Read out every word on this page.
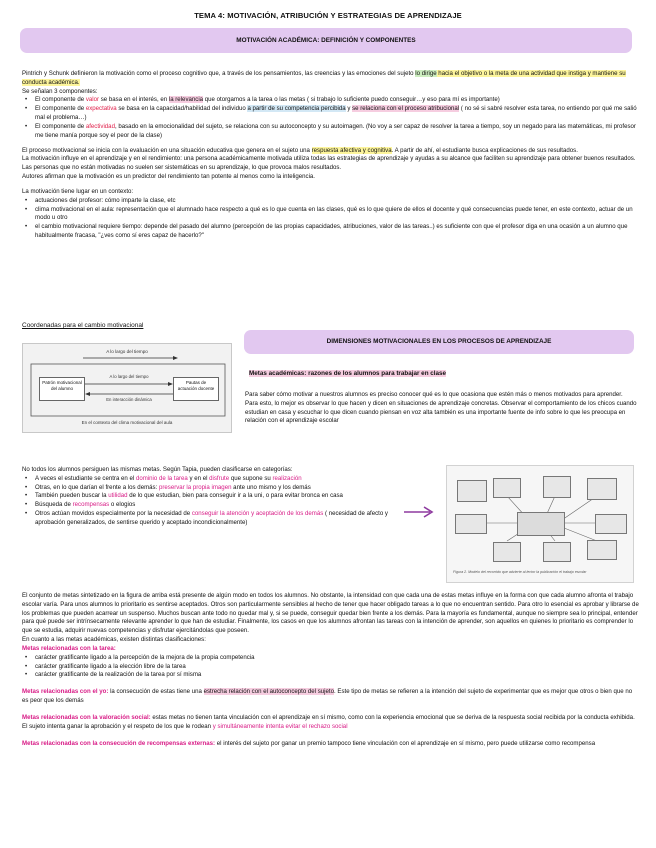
TEMA 4: MOTIVACIÓN, ATRIBUCIÓN Y ESTRATEGIAS DE APRENDIZAJE
MOTIVACIÓN ACADÉMICA: DEFINICIÓN Y COMPONENTES

Pintrich y Schunk definieron la motivación como el proceso cognitivo que, a través de los pensamientos, las creencias y las emociones del sujeto lo dirige hacia el objetivo o la meta de una actividad que instiga y mantiene su conducta académica.
Se señalan 3 componentes:

• El componente de valor se basa en el interés, en la relevancia que otorgamos a la tarea o las metas ( si trabajo lo suficiente puedo conseguir…y eso para mí es importante)
• El componente de expectativa se basa en la capacidad/habilidad del individuo a partir de su competencia percibida y se relaciona con el proceso atribucional ( no sé si sabré resolver esta tarea, no entiendo por qué me salió mal el problema…)
• El componente de afectividad, basado en la emocionalidad del sujeto, se relaciona con su autoconcepto y su autoimagen. (No voy a ser capaz de resolver la tarea a tiempo, soy un negado para las matemáticas, mi profesor me tiene manía porque soy el peor de la clase)

El proceso motivacional se inicia con la evaluación en una situación educativa que genera en el sujeto una respuesta afectiva y cognitiva. A partir de ahí, el estudiante busca explicaciones de sus resultados.
La motivación influye en el aprendizaje y en el rendimiento: una persona académicamente motivada utiliza todas las estrategias de aprendizaje y ayudas a su alcance que faciliten su aprendizaje para obtener buenos resultados.
Las personas que no están motivadas no suelen ser sistemáticas en su aprendizaje, lo que provoca malos resultados.
Autores afirman que la motivación es un predictor del rendimiento tan potente al menos como la inteligencia.

La motivación tiene lugar en un contexto:

• actuaciones del profesor: cómo imparte la clase, etc
• clima motivacional en el aula: representación que el alumnado hace respecto a qué es lo que cuenta en las clases, qué es lo que quiere de ellos el docente y qué consecuencias puede tener, en este contexto, actuar de un modo u otro
• el cambio motivacional requiere tiempo: depende del pasado del alumno (percepción de las propias capacidades, atribuciones, valor de las tareas..) es suficiente con que el profesor diga en una ocasión a un alumno que habitualmente fracasa, "¿ves como sí eres capaz de hacerlo?"
Coordenadas para el cambio motivacional
A lo largo del tiempo
Patrón motivacional del alumno
Pautas de actuación docente
A lo largo del tiempo
En interacción dinámica
En el contexto del clima motivacional del aula
DIMENSIONES MOTIVACIONALES EN LOS PROCESOS DE APRENDIZAJE
Metas académicas: razones de los alumnos para trabajar en clase
Para saber cómo motivar a nuestros alumnos es preciso conocer qué es lo que ocasiona que estén más o menos motivados para aprender. Para esto, lo mejor es observar lo que hacen y dicen en situaciones de aprendizaje concretas. Observar el comportamiento de los chicos cuando estudian en casa y escuchar lo que dicen cuando piensan en voz alta también es una importante fuente de info sobre lo que les preocupa en relación con el aprendizaje escolar

No todos los alumnos persiguen las mismas metas. Según Tapia, pueden clasificarse en categorías:

• A veces el estudiante se centra en el dominio de la tarea y en el disfrute que supone su realización
• Otras, en lo que darían el frente a los demás: preservar la propia imagen ante uno mismo y los demás
• También pueden buscar la utilidad de lo que estudian, bien para conseguir ir a la uni, o para evitar bronca en casa
• Búsqueda de recompensas o elogios
• Otros actúan movidos especialmente por la necesidad de conseguir la atención y aceptación de los demás ( necesidad de afecto y aprobación generalizados, de sentirse querido y aceptado incondicionalmente)
Figura 2. Modelo del recorrido que advierte al lector la publicación el trabajo escolar

El conjunto de metas sintetizado en la figura de arriba está presente de algún modo en todos los alumnos. No obstante, la intensidad con que cada una de estas metas influye en la forma con que cada alumno afronta el trabajo escolar varía. Para unos alumnos lo prioritario es sentirse aceptados. Otros son particularmente sensibles al hecho de tener que hacer obligado tareas a lo que no encuentran sentido. Para otro lo esencial es aprobar y librarse de los problemas que pueden acarrear un suspenso. Muchos buscan ante todo no quedar mal y, si se puede, conseguir quedar bien frente a los demás. Para la mayoría es fundamental, aunque no siempre sea lo principal, entender para qué puede ser intrínsecamente relevante aprender lo que han de estudiar. Finalmente, los casos en que los alumnos afrontan las tareas con la intención de aprender, son aquellos en quienes lo prioritario es comprender lo que se estudia, adquirir nuevas competencias y disfrutar ejercitándolas que poseen.

En cuanto a las metas académicas, existen distintas clasificaciones:

Metas relacionadas con la tarea:

• carácter gratificante ligado a la percepción de la mejora de la propia competencia
• carácter gratificante ligado a la elección libre de la tarea
• carácter gratificante de la realización de la tarea por sí misma

Metas relacionadas con el yo: la consecución de estas tiene una estrecha relación con el autoconcepto del sujeto. Este tipo de metas se refieren a la intención del sujeto de experimentar que es mejor que otros o bien que no es peor que los demás

Metas relacionadas con la valoración social: estas metas no tienen tanta vinculación con el aprendizaje en sí mismo, como con la experiencia emocional que se deriva de la respuesta social recibida por la conducta exhibida. El sujeto intenta ganar la aprobación y el respeto de los que le rodean y simultáneamente intenta evitar el rechazo social

Metas relacionadas con la consecución de recompensas externas: el interés del sujeto por ganar un premio tampoco tiene vinculación con el aprendizaje en sí mismo, pero puede utilizarse como recompensa
